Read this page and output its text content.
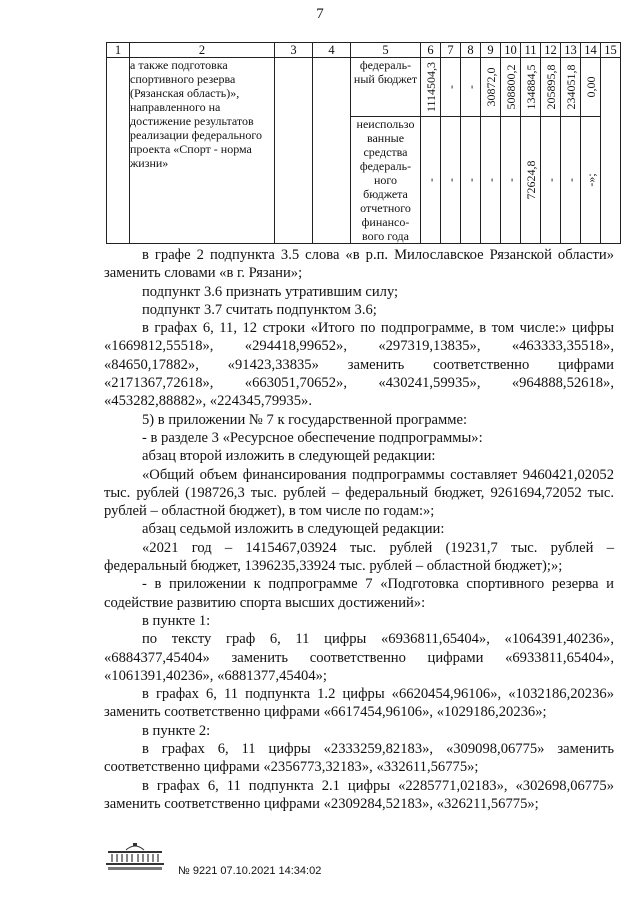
7
1	2	3	4	5	6	7	8	9	10	11	12	13	14	15
	а также подготовка спортивного резерва (Рязанская область)», направленного на достижение результатов реализации федерального проекта «Спорт - норма жизни»			федераль-ный бюджет	1114504,3	-	-	30872,0	508800,2	134884,5	205895,8	234051,8	0,00	

				неиспользо ванные средства федераль-ного бюджета отчетного финансо-вого года	-	-	-	-	-	72624,8	-	-	-»;	

в графе 2 подпункта 3.5 слова «в р.п. Милославское Рязанской области» заменить словами «в г. Рязани»;

подпункт 3.6 признать утратившим силу;

подпункт 3.7 считать подпунктом 3.6;

в графах 6, 11, 12 строки «Итого по подпрограмме, в том числе:» цифры «1669812,55518», «294418,99652», «297319,13835», «463333,35518», «84650,17882», «91423,33835» заменить соответственно цифрами «2171367,72618», «663051,70652», «430241,59935», «964888,52618», «453282,88882», «224345,79935».

5) в приложении № 7 к государственной программе:

- в разделе 3 «Ресурсное обеспечение подпрограммы»:

абзац второй изложить в следующей редакции:

«Общий объем финансирования подпрограммы составляет 9460421,02052 тыс. рублей (198726,3 тыс. рублей – федеральный бюджет, 9261694,72052 тыс. рублей – областной бюджет), в том числе по годам:»;

абзац седьмой изложить в следующей редакции:

«2021 год – 1415467,03924 тыс. рублей (19231,7 тыс. рублей – федеральный бюджет, 1396235,33924 тыс. рублей – областной бюджет);»;

- в приложении к подпрограмме 7 «Подготовка спортивного резерва и содействие развитию спорта высших достижений»:

в пункте 1:

по тексту граф 6, 11 цифры «6936811,65404», «1064391,40236», «6884377,45404» заменить соответственно цифрами «6933811,65404», «1061391,40236», «6881377,45404»;

в графах 6, 11 подпункта 1.2 цифры «6620454,96106», «1032186,20236» заменить соответственно цифрами «6617454,96106», «1029186,20236»;

в пункте 2:

в графах 6, 11 цифры «2333259,82183», «309098,06775» заменить соответственно цифрами «2356773,32183», «332611,56775»;

в графах 6, 11 подпункта 2.1 цифры «2285771,02183», «302698,06775» заменить соответственно цифрами «2309284,52183», «326211,56775»;

№ 9221 07.10.2021 14:34:02
